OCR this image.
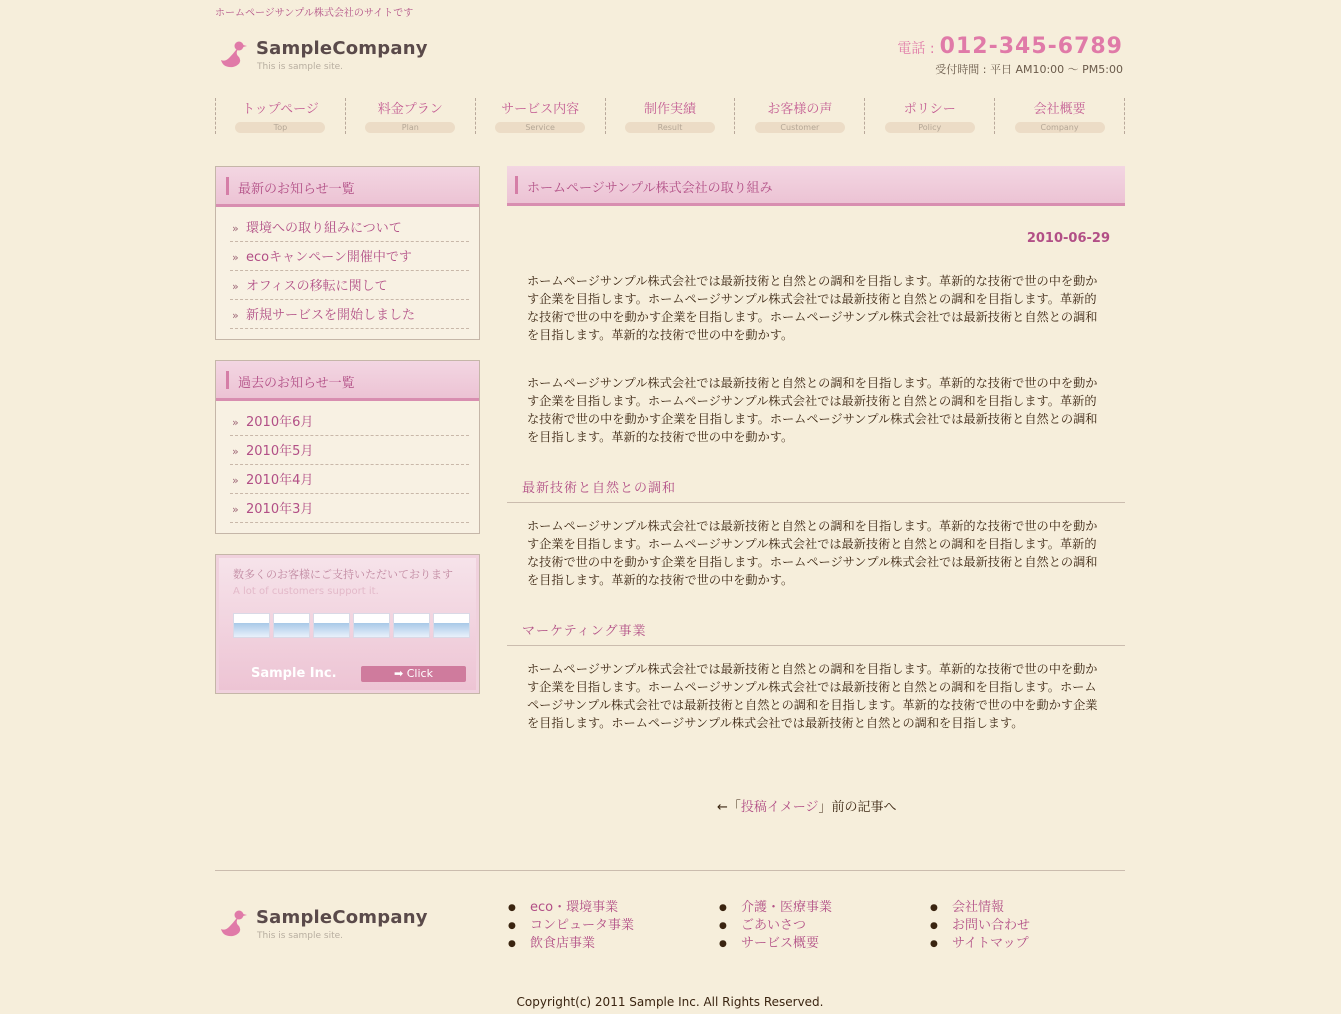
ホームページサンプル株式会社のサイトです
SampleCompany
This is sample site.
電話 : 012-345-6789
受付時間 : 平日 AM10:00 〜 PM5:00
トップページ
Top
料金プラン
Plan
サービス内容
Service
制作実績
Result
お客様の声
Customer
ポリシー
Policy
会社概要
Company
最新のお知らせ一覧
» 環境への取り組みについて
» ecoキャンペーン開催中です
» オフィスの移転に関して
» 新規サービスを開始しました
過去のお知らせ一覧
» 2010年6月
» 2010年5月
» 2010年4月
» 2010年3月
数多くのお客様にご支持いただいております
A lot of customers support it.
Sample Inc.	➡ Click
ホームページサンプル株式会社の取り組み
2010-06-29

ホームページサンプル株式会社では最新技術と自然との調和を目指します。革新的な技術で世の中を動かす企業を目指します。ホームページサンプル株式会社では最新技術と自然との調和を目指します。革新的な技術で世の中を動かす企業を目指します。ホームページサンプル株式会社では最新技術と自然との調和を目指します。革新的な技術で世の中を動かす。

ホームページサンプル株式会社では最新技術と自然との調和を目指します。革新的な技術で世の中を動かす企業を目指します。ホームページサンプル株式会社では最新技術と自然との調和を目指します。革新的な技術で世の中を動かす企業を目指します。ホームページサンプル株式会社では最新技術と自然との調和を目指します。革新的な技術で世の中を動かす。

最新技術と自然との調和

ホームページサンプル株式会社では最新技術と自然との調和を目指します。革新的な技術で世の中を動かす企業を目指します。ホームページサンプル株式会社では最新技術と自然との調和を目指します。革新的な技術で世の中を動かす企業を目指します。ホームページサンプル株式会社では最新技術と自然との調和を目指します。革新的な技術で世の中を動かす。

マーケティング事業

ホームページサンプル株式会社では最新技術と自然との調和を目指します。革新的な技術で世の中を動かす企業を目指します。ホームページサンプル株式会社では最新技術と自然との調和を目指します。ホームページサンプル株式会社では最新技術と自然との調和を目指します。革新的な技術で世の中を動かす企業を目指します。ホームページサンプル株式会社では最新技術と自然との調和を目指します。

←「投稿イメージ」前の記事へ
SampleCompany
This is sample site.
● eco・環境事業
● コンピュータ事業
● 飲食店事業
● 介護・医療事業
● ごあいさつ
● サービス概要
● 会社情報
● お問い合わせ
● サイトマップ
Copyright(c) 2011 Sample Inc. All Rights Reserved.
